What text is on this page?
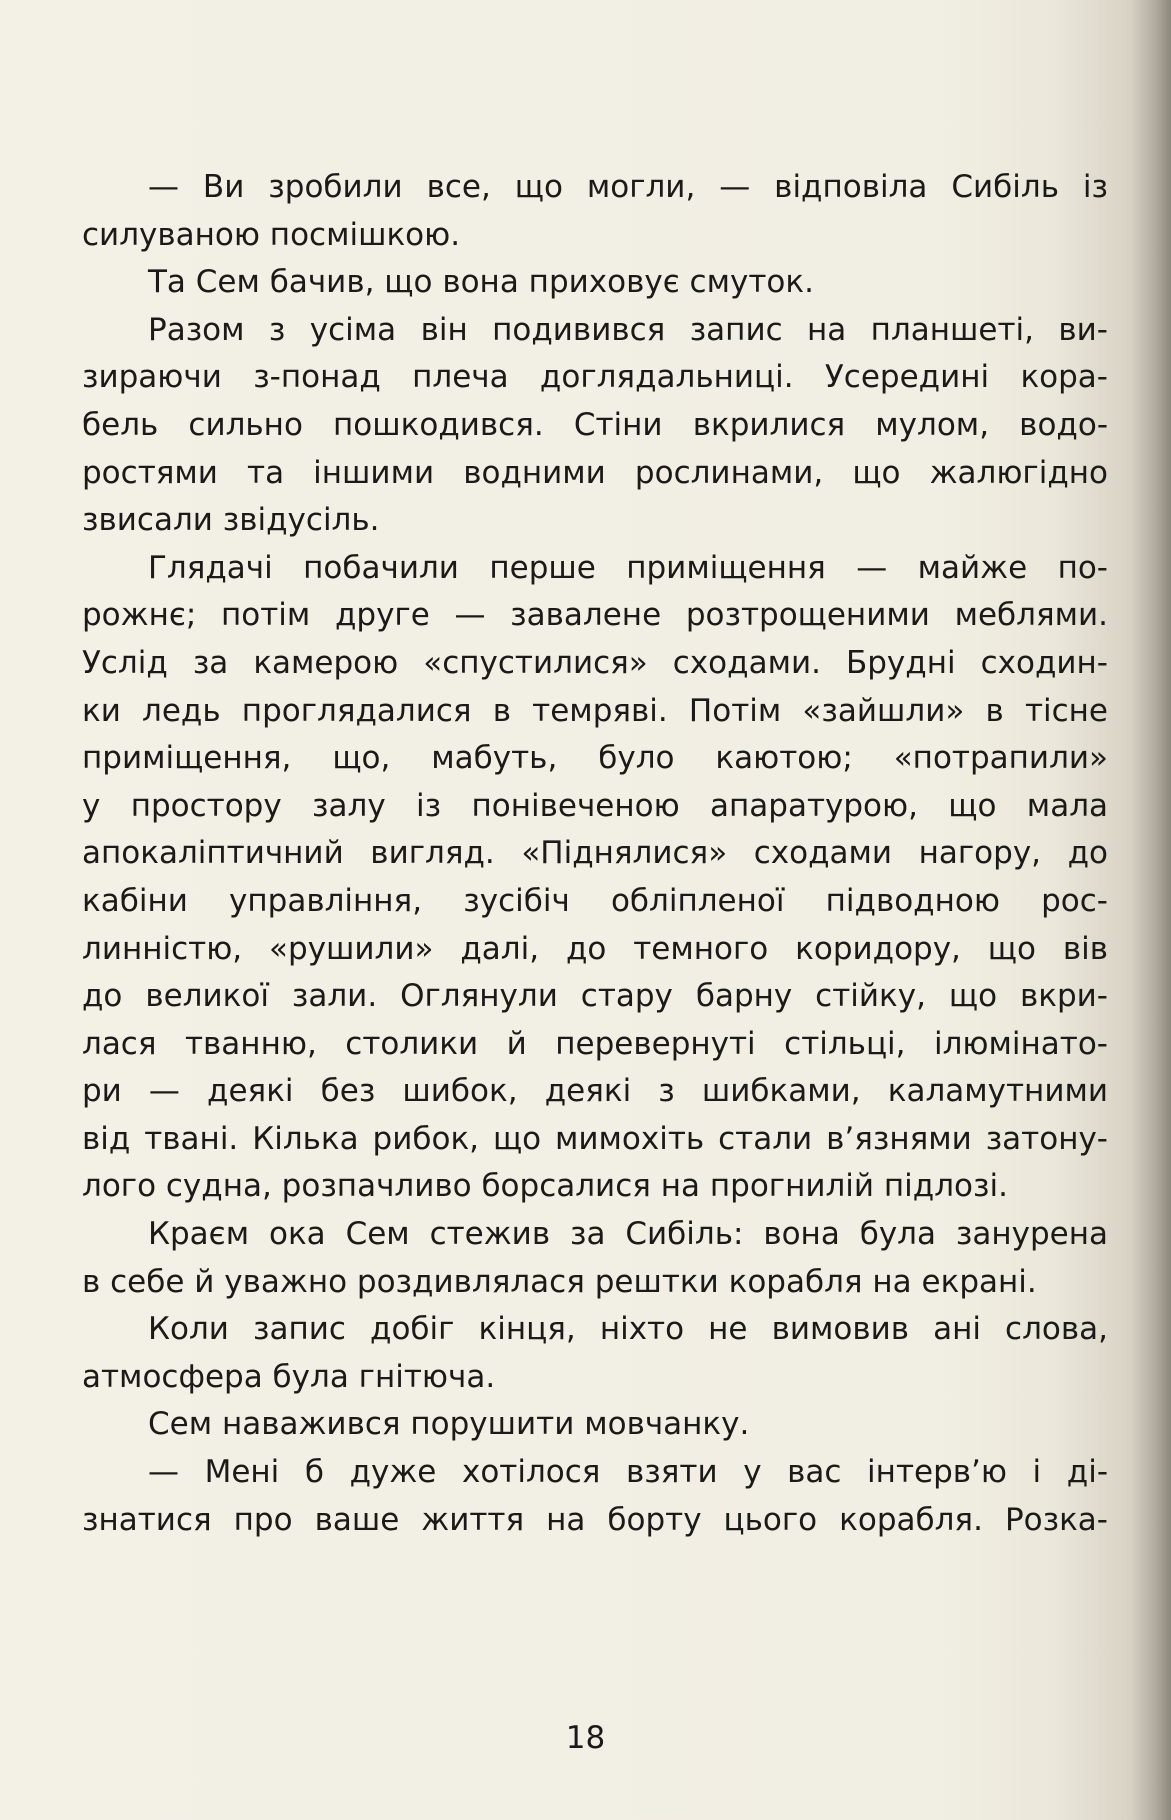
— Ви зробили все, що могли, — відповіла Сибіль із
силуваною посмішкою.
Та Сем бачив, що вона приховує смуток.
Разом з усіма він подивився запис на планшеті, ви-
зираючи з-понад плеча доглядальниці. Усередині кора-
бель сильно пошкодився. Стіни вкрилися мулом, водо-
ростями та іншими водними рослинами, що жалюгідно
звисали звідусіль.
Глядачі побачили перше приміщення — майже по-
рожнє; потім друге — завалене розтрощеними меблями.
Услід за камерою «спустилися» сходами. Брудні сходин-
ки ледь проглядалися в темряві. Потім «зайшли» в тісне
приміщення, що, мабуть, було каютою; «потрапили»
у простору залу із понівеченою апаратурою, що мала
апокаліптичний вигляд. «Піднялися» сходами нагору, до
кабіни управління, зусібіч обліпленої підводною рос-
линністю, «рушили» далі, до темного коридору, що вів
до великої зали. Оглянули стару барну стійку, що вкри-
лася тванню, столики й перевернуті стільці, ілюмінато-
ри — деякі без шибок, деякі з шибками, каламутними
від твані. Кілька рибок, що мимохіть стали в’язнями затону-
лого судна, розпачливо борсалися на прогнилій підлозі.
Краєм ока Сем стежив за Сибіль: вона була занурена
в себе й уважно роздивлялася рештки корабля на екрані.
Коли запис добіг кінця, ніхто не вимовив ані слова,
атмосфера була гнітюча.
Сем наважився порушити мовчанку.
— Мені б дуже хотілося взяти у вас інтерв’ю і ді-
знатися про ваше життя на борту цього корабля. Розка-
18
